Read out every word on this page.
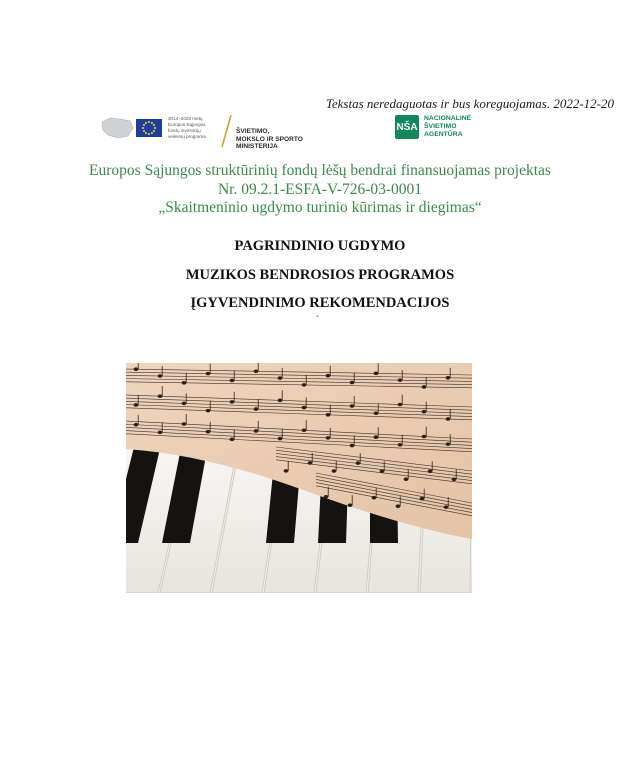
Tekstas neredaguotas ir bus koreguojamas. 2022-12-20
2014–2020 metų
Europos Sąjungos
fondų investicijų
veiksmų programa
ŠVIETIMO,
MOKSLO IR SPORTO
MINISTERIJA
NŠA
NACIONALINĖ
ŠVIETIMO
AGENTŪRA
Europos Sąjungos struktūrinių fondų lėšų bendrai finansuojamas projektas
Nr. 09.2.1-ESFA-V-726-03-0001
„Skaitmeninio ugdymo turinio kūrimas ir diegimas“
PAGRINDINIO UGDYMO
MUZIKOS BENDROSIOS PROGRAMOS
ĮGYVENDINIMO REKOMENDACIJOS
˘
